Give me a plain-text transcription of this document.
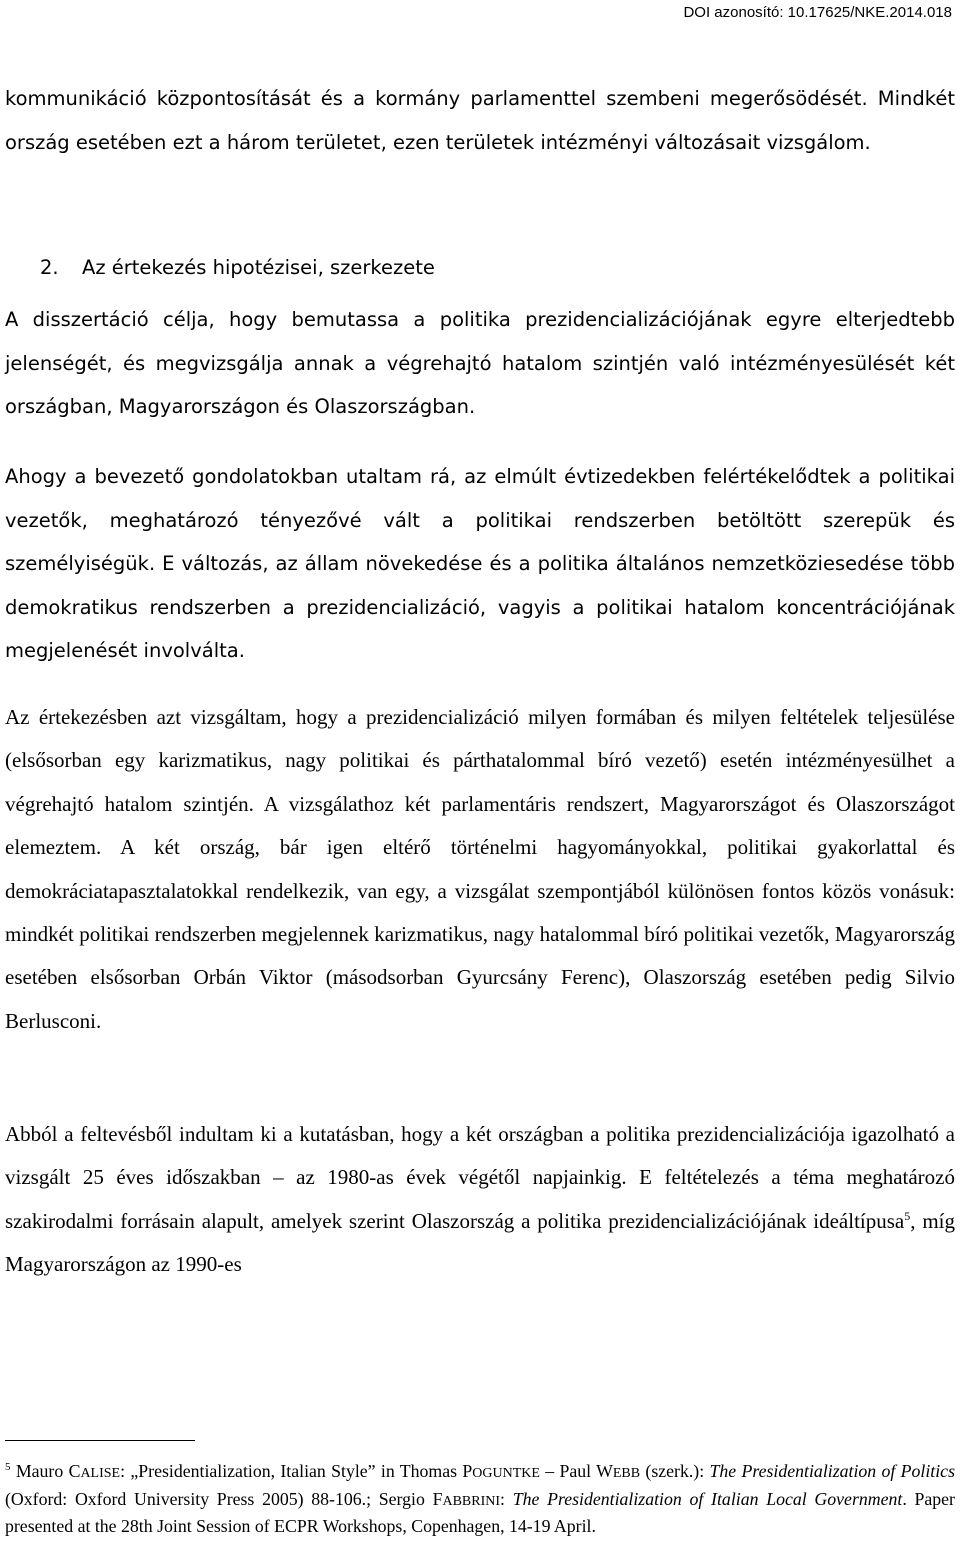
DOI azonosító: 10.17625/NKE.2014.018

kommunikáció központosítását és a kormány parlamenttel szembeni megerősödését. Mindkét ország esetében ezt a három területet, ezen területek intézményi változásait vizsgálom.

2. Az értekezés hipotézisei, szerkezete

A disszertáció célja, hogy bemutassa a politika prezidencializációjának egyre elterjedtebb jelenségét, és megvizsgálja annak a végrehajtó hatalom szintjén való intézményesülését két országban, Magyarországon és Olaszországban.

Ahogy a bevezető gondolatokban utaltam rá, az elmúlt évtizedekben felértékelődtek a politikai vezetők, meghatározó tényezővé vált a politikai rendszerben betöltött szerepük és személyiségük. E változás, az állam növekedése és a politika általános nemzetköziesedése több demokratikus rendszerben a prezidencializáció, vagyis a politikai hatalom koncentrációjának megjelenését involválta.

Az értekezésben azt vizsgáltam, hogy a prezidencializáció milyen formában és milyen feltételek teljesülése (elsősorban egy karizmatikus, nagy politikai és párthatalommal bíró vezető) esetén intézményesülhet a végrehajtó hatalom szintjén. A vizsgálathoz két parlamentáris rendszert, Magyarországot és Olaszországot elemeztem. A két ország, bár igen eltérő történelmi hagyományokkal, politikai gyakorlattal és demokráciatapasztalatokkal rendelkezik, van egy, a vizsgálat szempontjából különösen fontos közös vonásuk: mindkét politikai rendszerben megjelennek karizmatikus, nagy hatalommal bíró politikai vezetők, Magyarország esetében elsősorban Orbán Viktor (másodsorban Gyurcsány Ferenc), Olaszország esetében pedig Silvio Berlusconi.

Abból a feltevésből indultam ki a kutatásban, hogy a két országban a politika prezidencializációja igazolható a vizsgált 25 éves időszakban – az 1980-as évek végétől napjainkig. E feltételezés a téma meghatározó szakirodalmi forrásain alapult, amelyek szerint Olaszország a politika prezidencializációjának ideáltípusa$^5$, míg Magyarországon az 1990-es

$^5$ Mauro CALISE: „Presidentialization, Italian Style” in Thomas POGUNTKE – Paul WEBB (szerk.): The Presidentialization of Politics (Oxford: Oxford University Press 2005) 88-106.; Sergio FABBRINI: The Presidentialization of Italian Local Government. Paper presented at the 28th Joint Session of ECPR Workshops, Copenhagen, 14-19 April.
